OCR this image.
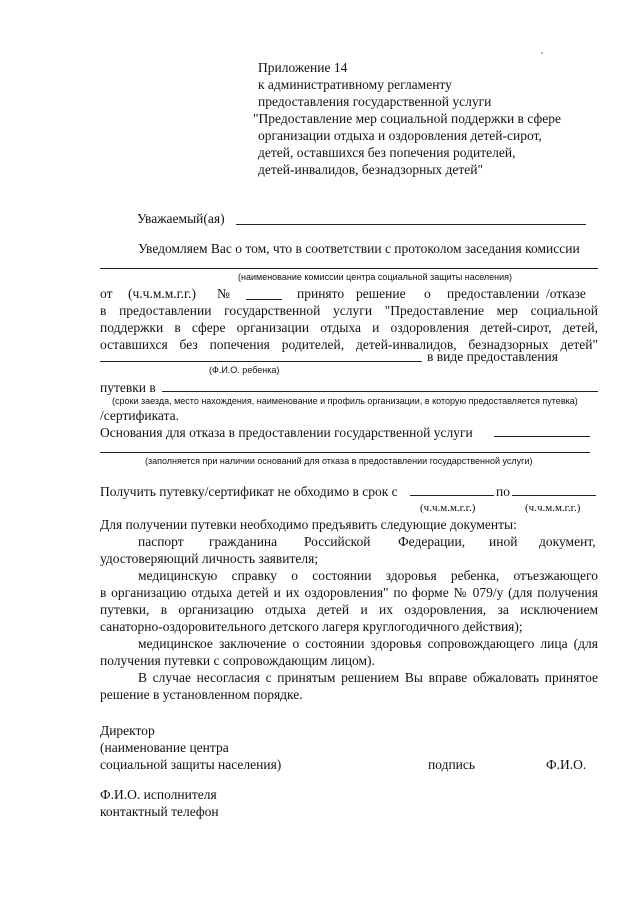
Приложение 14
к административному регламенту
предоставления государственной услуги
"Предоставление мер социальной поддержки в сфере
организации отдыха и оздоровления детей-сирот,
детей, оставшихся без попечения родителей,
детей-инвалидов, безнадзорных детей"
Уважаемый(ая)
Уведомляем Вас о том, что в соответствии с протоколом заседания комиссии
(наименование комиссии центра социальной защиты населения)
от (ч.ч.м.м.г.г.) №	принято решение о предоставлении /отказе
в предоставлении государственной услуги "Предоставление мер социальной
поддержки в сфере организации отдыха и оздоровления детей-сирот, детей,
оставшихся без попечения родителей, детей-инвалидов, безнадзорных детей"
в виде предоставления
(Ф.И.О. ребенка)
путевки в
(сроки заезда, место нахождения, наименование и профиль организации, в которую предоставляется путевка)
/сертификата.
Основания для отказа в предоставлении государственной услуги
(заполняется при наличии оснований для отказа в предоставлении государственной услуги)
Получить путевку/сертификат не обходимо в срок с	по
(ч.ч.м.м.г.г.)	(ч.ч.м.м.г.г.)
Для получении путевки необходимо предъявить следующие документы:
паспорт гражданина Российской Федерации, иной документ,
удостоверяющий личность заявителя;
медицинскую справку о состоянии здоровья ребенка, отъезжающего
в организацию отдыха детей и их оздоровления" по форме № 079/у (для получения
путевки, в организацию отдыха детей и их оздоровления, за исключением
санаторно-оздоровительного детского лагеря круглогодичного действия);
медицинское заключение о состоянии здоровья сопровождающего лица (для
получения путевки с сопровождающим лицом).
В случае несогласия с принятым решением Вы вправе обжаловать принятое
решение в установленном порядке.
Директор
(наименование центра
социальной защиты населения)	подпись	Ф.И.О.
Ф.И.О. исполнителя
контактный телефон
